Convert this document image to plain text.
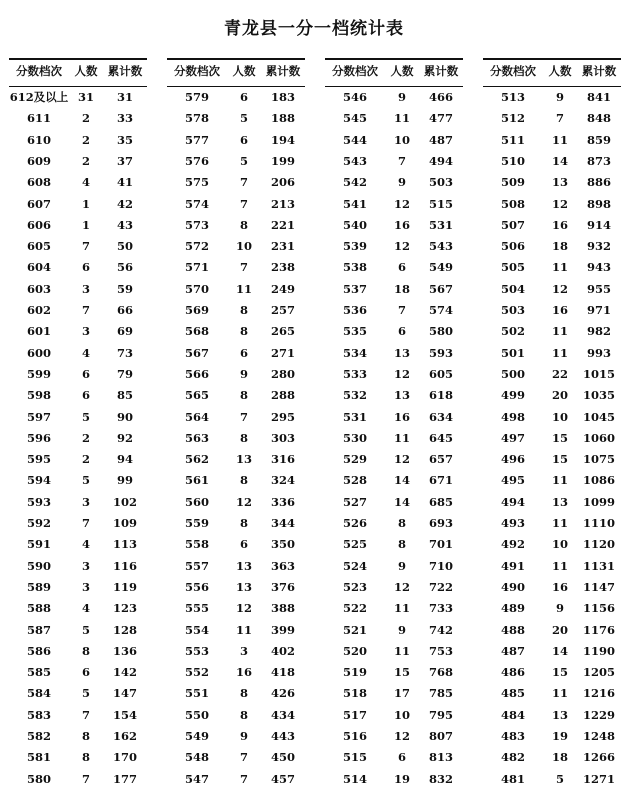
青龙县一分一档统计表
分数档次	人数 累计数
612及以上 31	31
611	2	33
610	2	35
609	2	37
608	4	41
607	1	42
606	1	43
605	7	50
604	6	56
603	3	59
602	7	66
601	3	69
600	4	73
599	6	79
598	6	85
597	5	90
596	2	92
595	2	94
594	5	99
593	3	102
592	7	109
591	4	113
590	3	116
589	3	119
588	4	123
587	5	128
586	8	136
585	6	142
584	5	147
583	7	154
582	8	162
581	8	170
580	7	177
分数档次	人数 累计数
579	6	183
578	5	188
577	6	194
576	5	199
575	7	206
574	7	213
573	8	221
572	10	231
571	7	238
570	11	249
569	8	257
568	8	265
567	6	271
566	9	280
565	8	288
564	7	295
563	8	303
562	13	316
561	8	324
560	12	336
559	8	344
558	6	350
557	13	363
556	13	376
555	12	388
554	11	399
553	3	402
552	16	418
551	8	426
550	8	434
549	9	443
548	7	450
547	7	457
分数档次	人数 累计数
546	9	466
545	11	477
544	10	487
543	7	494
542	9	503
541	12	515
540	16	531
539	12	543
538	6	549
537	18	567
536	7	574
535	6	580
534	13	593
533	12	605
532	13	618
531	16	634
530	11	645
529	12	657
528	14	671
527	14	685
526	8	693
525	8	701
524	9	710
523	12	722
522	11	733
521	9	742
520	11	753
519	15	768
518	17	785
517	10	795
516	12	807
515	6	813
514	19	832
分数档次	人数 累计数
513	9	841
512	7	848
511	11	859
510	14	873
509	13	886
508	12	898
507	16	914
506	18	932
505	11	943
504	12	955
503	16	971
502	11	982
501	11	993
500	22	1015
499	20	1035
498	10	1045
497	15	1060
496	15	1075
495	11	1086
494	13	1099
493	11	1110
492	10	1120
491	11	1131
490	16	1147
489	9	1156
488	20	1176
487	14	1190
486	15	1205
485	11	1216
484	13	1229
483	19	1248
482	18	1266
481	5	1271
